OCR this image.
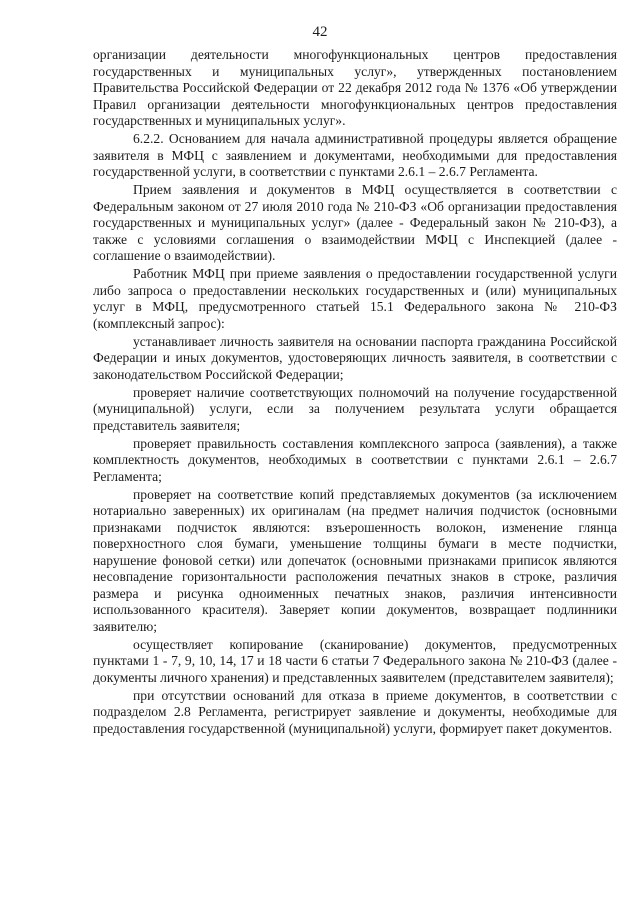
42

организации деятельности многофункциональных центров предоставления государственных и муниципальных услуг», утвержденных постановлением Правительства Российской Федерации от 22 декабря 2012 года № 1376 «Об утверждении Правил организации деятельности многофункциональных центров предоставления государственных и муниципальных услуг».

6.2.2. Основанием для начала административной процедуры является обращение заявителя в МФЦ с заявлением и документами, необходимыми для предоставления государственной услуги, в соответствии с пунктами 2.6.1 – 2.6.7 Регламента.

Прием заявления и документов в МФЦ осуществляется в соответствии с Федеральным законом от 27 июля 2010 года № 210-ФЗ «Об организации предоставления государственных и муниципальных услуг» (далее - Федеральный закон № 210-ФЗ), а также с условиями соглашения о взаимодействии МФЦ с Инспекцией (далее - соглашение о взаимодействии).

Работник МФЦ при приеме заявления о предоставлении государственной услуги либо запроса о предоставлении нескольких государственных и (или) муниципальных услуг в МФЦ, предусмотренного статьей 15.1 Федерального закона № 210-ФЗ (комплексный запрос):

устанавливает личность заявителя на основании паспорта гражданина Российской Федерации и иных документов, удостоверяющих личность заявителя, в соответствии с законодательством Российской Федерации;

проверяет наличие соответствующих полномочий на получение государственной (муниципальной) услуги, если за получением результата услуги обращается представитель заявителя;

проверяет правильность составления комплексного запроса (заявления), а также комплектность документов, необходимых в соответствии с пунктами 2.6.1 – 2.6.7 Регламента;

проверяет на соответствие копий представляемых документов (за исключением нотариально заверенных) их оригиналам (на предмет наличия подчисток (основными признаками подчисток являются: взъерошенность волокон, изменение глянца поверхностного слоя бумаги, уменьшение толщины бумаги в месте подчистки, нарушение фоновой сетки) или допечаток (основными признаками приписок являются несовпадение горизонтальности расположения печатных знаков в строке, различия размера и рисунка одноименных печатных знаков, различия интенсивности использованного красителя). Заверяет копии документов, возвращает подлинники заявителю;

осуществляет копирование (сканирование) документов, предусмотренных пунктами 1 - 7, 9, 10, 14, 17 и 18 части 6 статьи 7 Федерального закона № 210-ФЗ (далее - документы личного хранения) и представленных заявителем (представителем заявителя);

при отсутствии оснований для отказа в приеме документов, в соответствии с подразделом 2.8 Регламента, регистрирует заявление и документы, необходимые для предоставления государственной (муниципальной) услуги, формирует пакет документов.
